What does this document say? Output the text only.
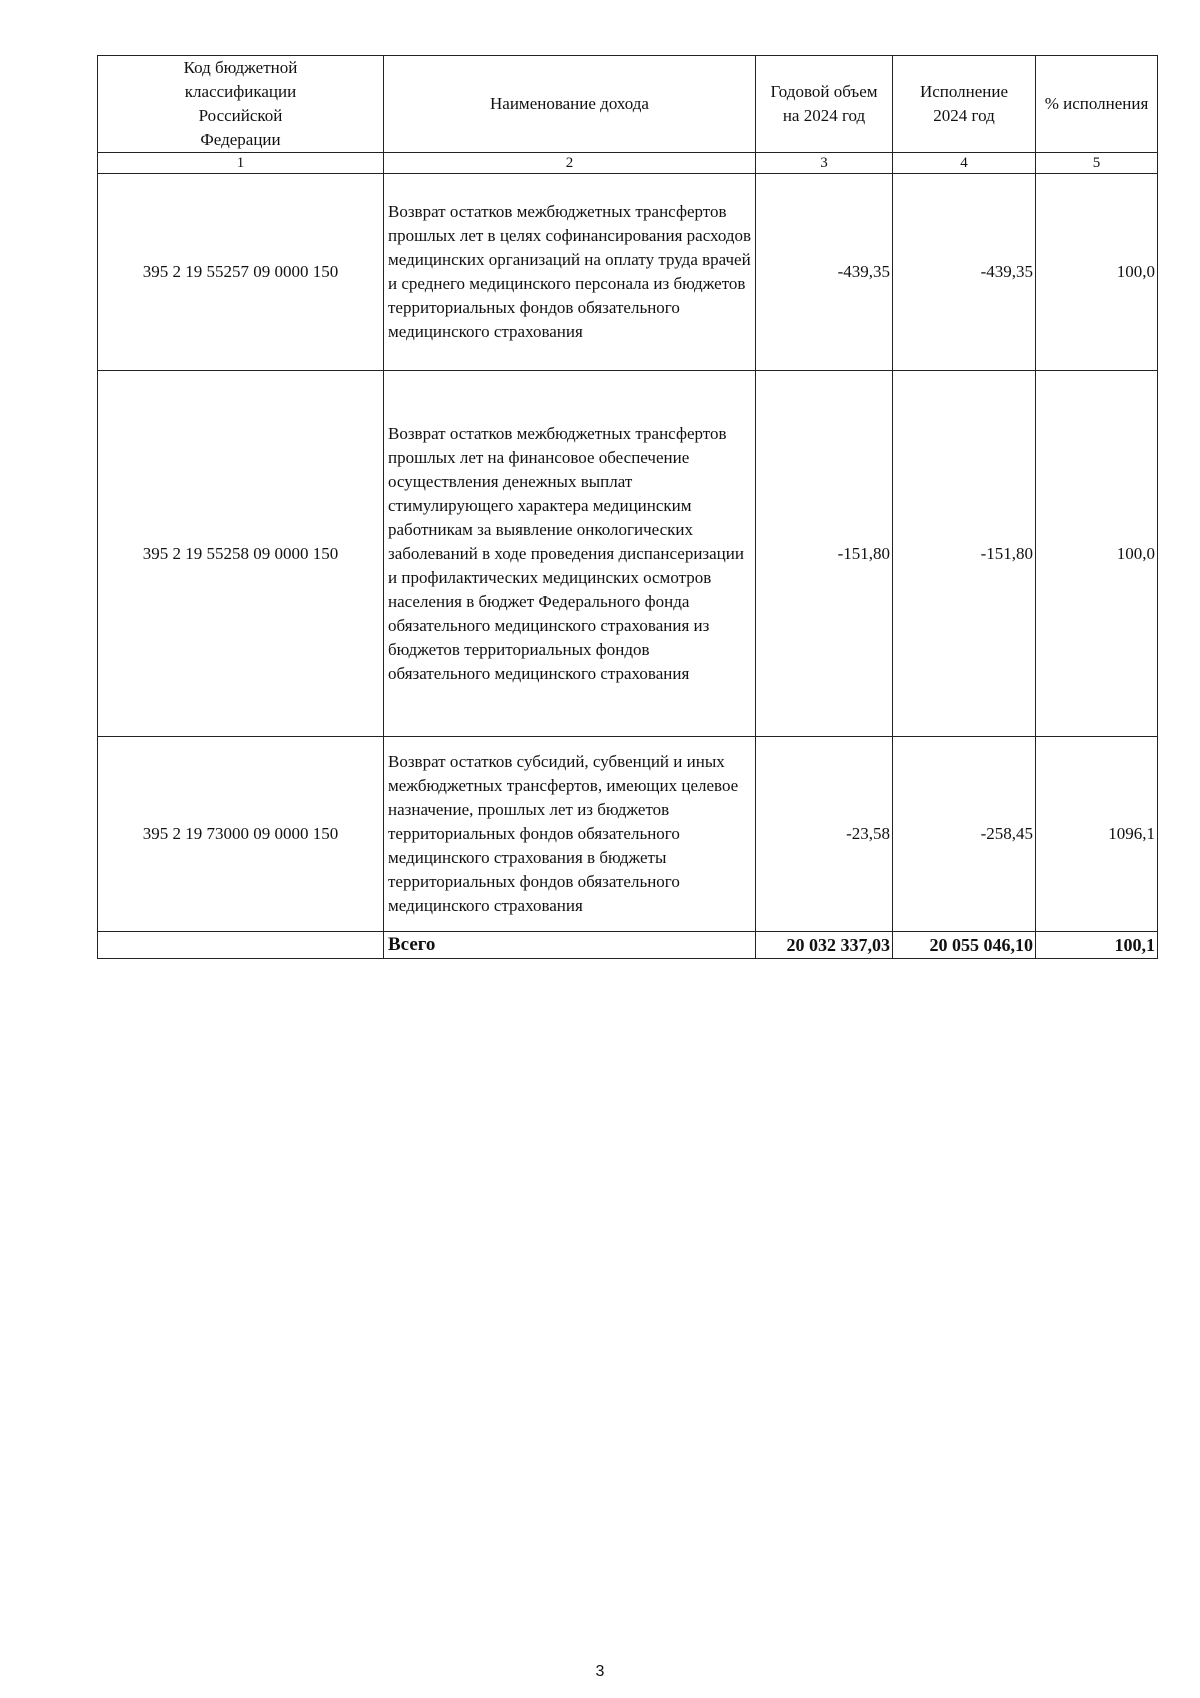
Код бюджетной классификации Российской Федерации	Наименование дохода	Годовой объем на 2024 год	Исполнение 2024 год	% исполнения
1	2	3	4	5
395 2 19 55257 09 0000 150	Возврат остатков межбюджетных трансфертов прошлых лет в целях софинансирования расходов медицинских организаций на оплату труда врачей и среднего медицинского персонала из бюджетов территориальных фондов обязательного медицинского страхования	-439,35	-439,35	100,0
395 2 19 55258 09 0000 150	Возврат остатков межбюджетных трансфертов прошлых лет на финансовое обеспечение осуществления денежных выплат стимулирующего характера медицинским работникам за выявление онкологических заболеваний в ходе проведения диспансеризации и профилактических медицинских осмотров населения в бюджет Федерального фонда обязательного медицинского страхования из бюджетов территориальных фондов обязательного медицинского страхования	-151,80	-151,80	100,0
395 2 19 73000 09 0000 150	Возврат остатков субсидий, субвенций и иных межбюджетных трансфертов, имеющих целевое назначение, прошлых лет из бюджетов территориальных фондов обязательного медицинского страхования в бюджеты территориальных фондов обязательного медицинского страхования	-23,58	-258,45	1096,1
	Всего	20 032 337,03	20 055 046,10	100,1
3
